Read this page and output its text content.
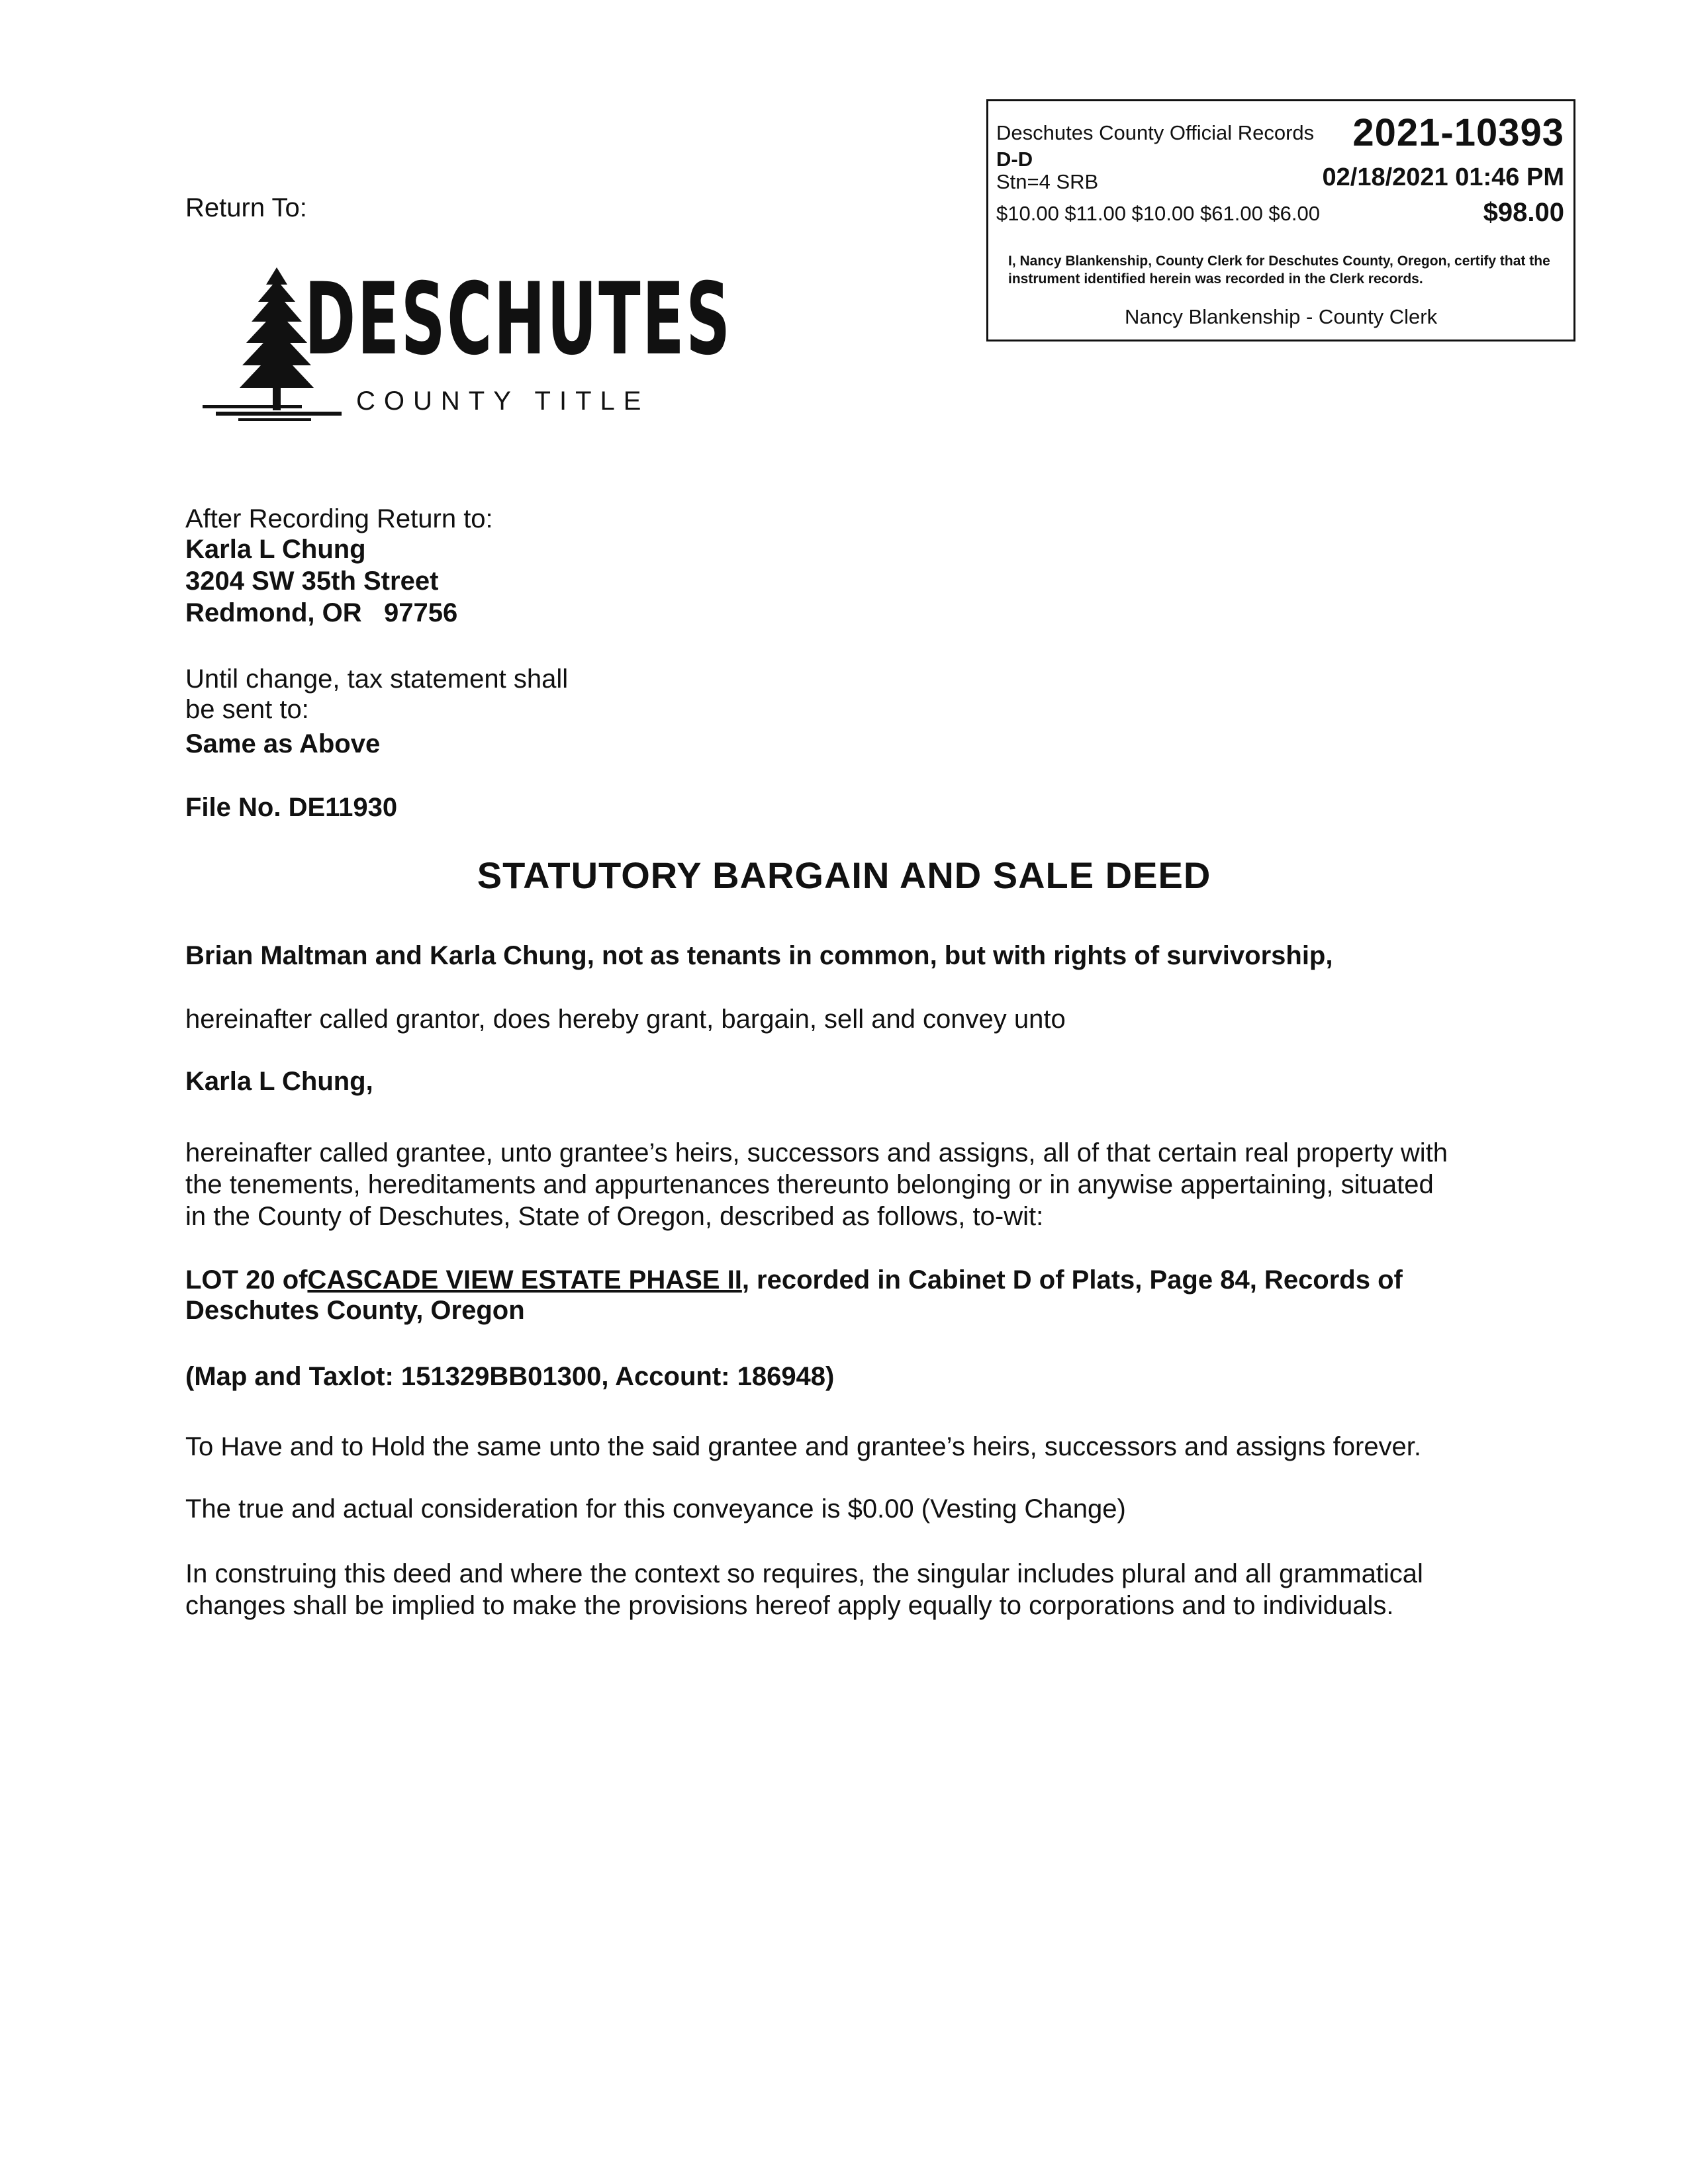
Return To:
Deschutes County Official Records 2021-10393
D-D
Stn=4 SRB	02/18/2021 01:46 PM
$10.00 $11.00 $10.00 $61.00 $6.00	$98.00
I, Nancy Blankenship, County Clerk for Deschutes County, Oregon, certify that the instrument identified herein was recorded in the Clerk records.
Nancy Blankenship - County Clerk
DESCHUTES
COUNTY TITLE
After Recording Return to:
Karla L Chung
3204 SW 35th Street
Redmond, OR   97756
Until change, tax statement shall
be sent to:
Same as Above
File No. DE11930
STATUTORY BARGAIN AND SALE DEED
Brian Maltman and Karla Chung, not as tenants in common, but with rights of survivorship,
hereinafter called grantor, does hereby grant, bargain, sell and convey unto
Karla L Chung,
hereinafter called grantee, unto grantee’s heirs, successors and assigns, all of that certain real property with
the tenements, hereditaments and appurtenances thereunto belonging or in anywise appertaining, situated
in the County of Deschutes, State of Oregon, described as follows, to-wit:
LOT 20 ofCASCADE VIEW ESTATE PHASE II, recorded in Cabinet D of Plats, Page 84, Records of
Deschutes County, Oregon
(Map and Taxlot: 151329BB01300, Account: 186948)
To Have and to Hold the same unto the said grantee and grantee’s heirs, successors and assigns forever.
The true and actual consideration for this conveyance is $0.00 (Vesting Change)
In construing this deed and where the context so requires, the singular includes plural and all grammatical
changes shall be implied to make the provisions hereof apply equally to corporations and to individuals.
